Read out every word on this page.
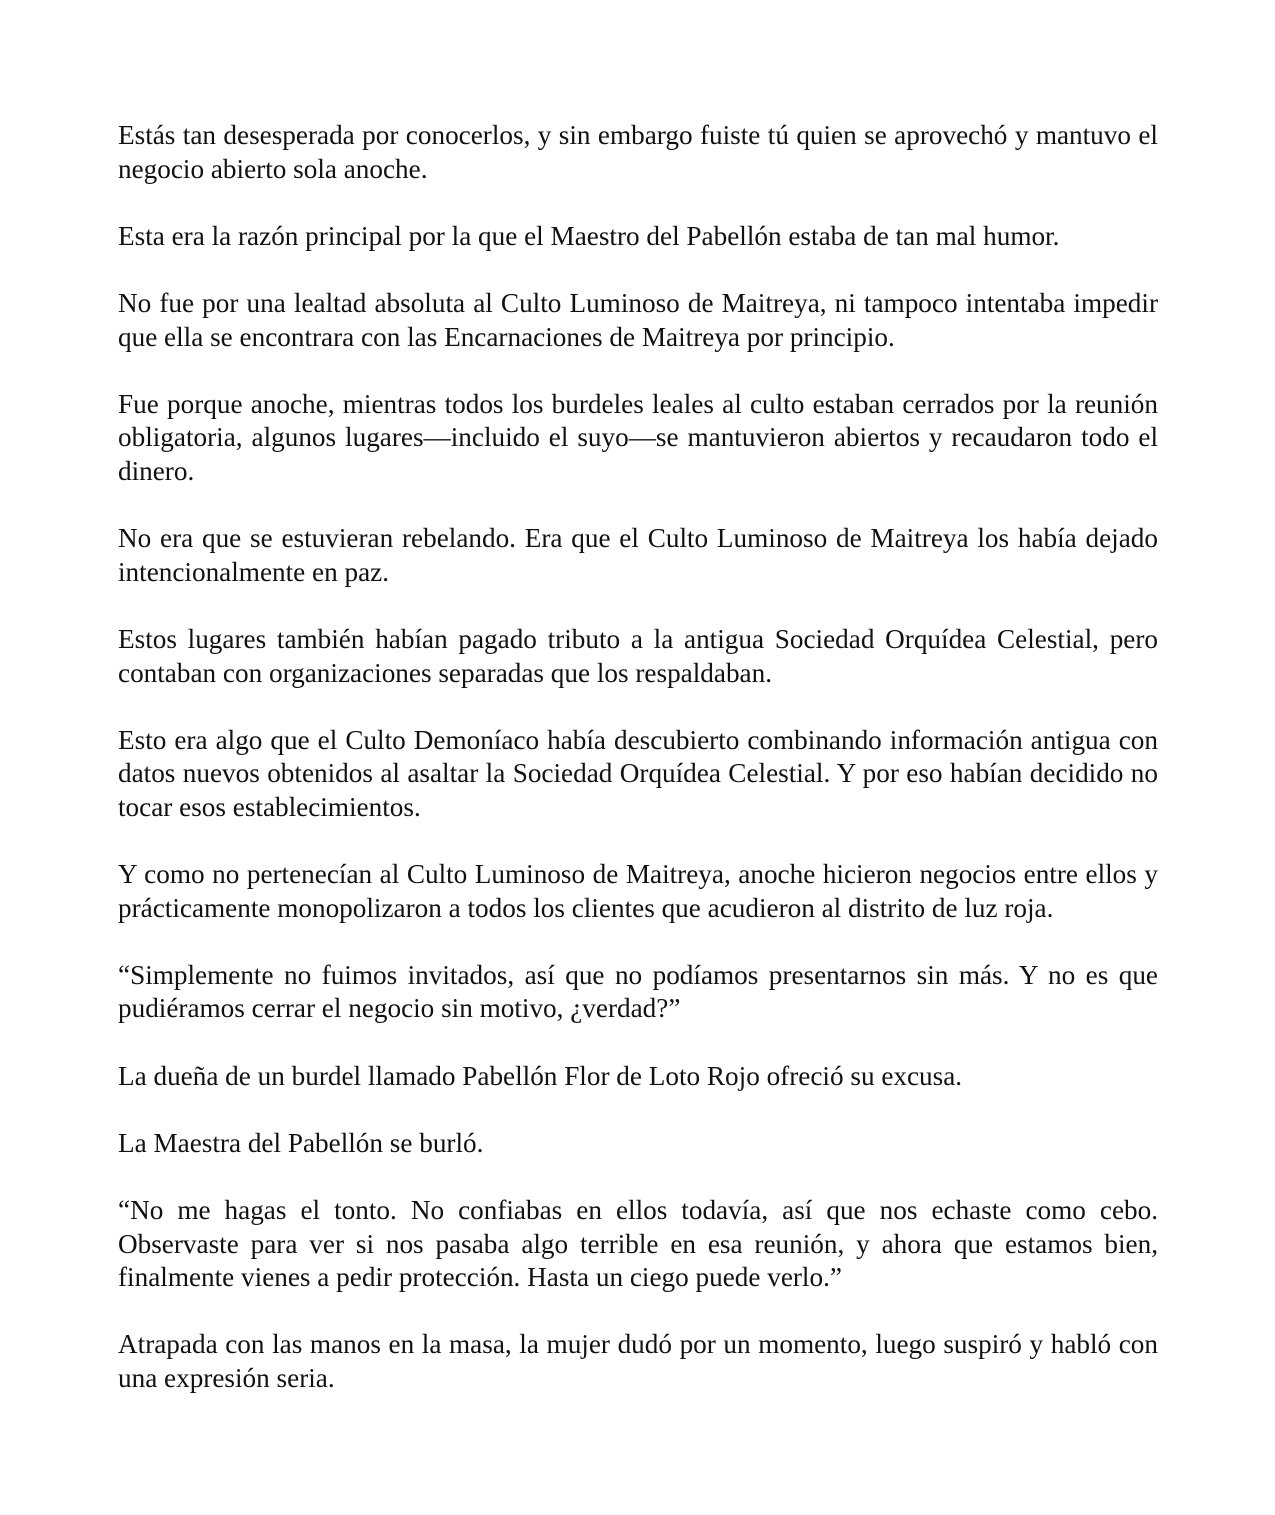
Estás tan desesperada por conocerlos, y sin embargo fuiste tú quien se aprovechó y mantuvo el negocio abierto sola anoche.

Esta era la razón principal por la que el Maestro del Pabellón estaba de tan mal humor.

No fue por una lealtad absoluta al Culto Luminoso de Maitreya, ni tampoco intentaba impedir que ella se encontrara con las Encarnaciones de Maitreya por principio.

Fue porque anoche, mientras todos los burdeles leales al culto estaban cerrados por la reunión obligatoria, algunos lugares—incluido el suyo—se mantuvieron abiertos y recaudaron todo el dinero.

No era que se estuvieran rebelando. Era que el Culto Luminoso de Maitreya los había dejado intencionalmente en paz.

Estos lugares también habían pagado tributo a la antigua Sociedad Orquídea Celestial, pero contaban con organizaciones separadas que los respaldaban.

Esto era algo que el Culto Demoníaco había descubierto combinando información antigua con datos nuevos obtenidos al asaltar la Sociedad Orquídea Celestial. Y por eso habían decidido no tocar esos establecimientos.

Y como no pertenecían al Culto Luminoso de Maitreya, anoche hicieron negocios entre ellos y prácticamente monopolizaron a todos los clientes que acudieron al distrito de luz roja.

“Simplemente no fuimos invitados, así que no podíamos presentarnos sin más. Y no es que pudiéramos cerrar el negocio sin motivo, ¿verdad?”

La dueña de un burdel llamado Pabellón Flor de Loto Rojo ofreció su excusa.

La Maestra del Pabellón se burló.

“No me hagas el tonto. No confiabas en ellos todavía, así que nos echaste como cebo. Observaste para ver si nos pasaba algo terrible en esa reunión, y ahora que estamos bien, finalmente vienes a pedir protección. Hasta un ciego puede verlo.”

Atrapada con las manos en la masa, la mujer dudó por un momento, luego suspiró y habló con una expresión seria.
